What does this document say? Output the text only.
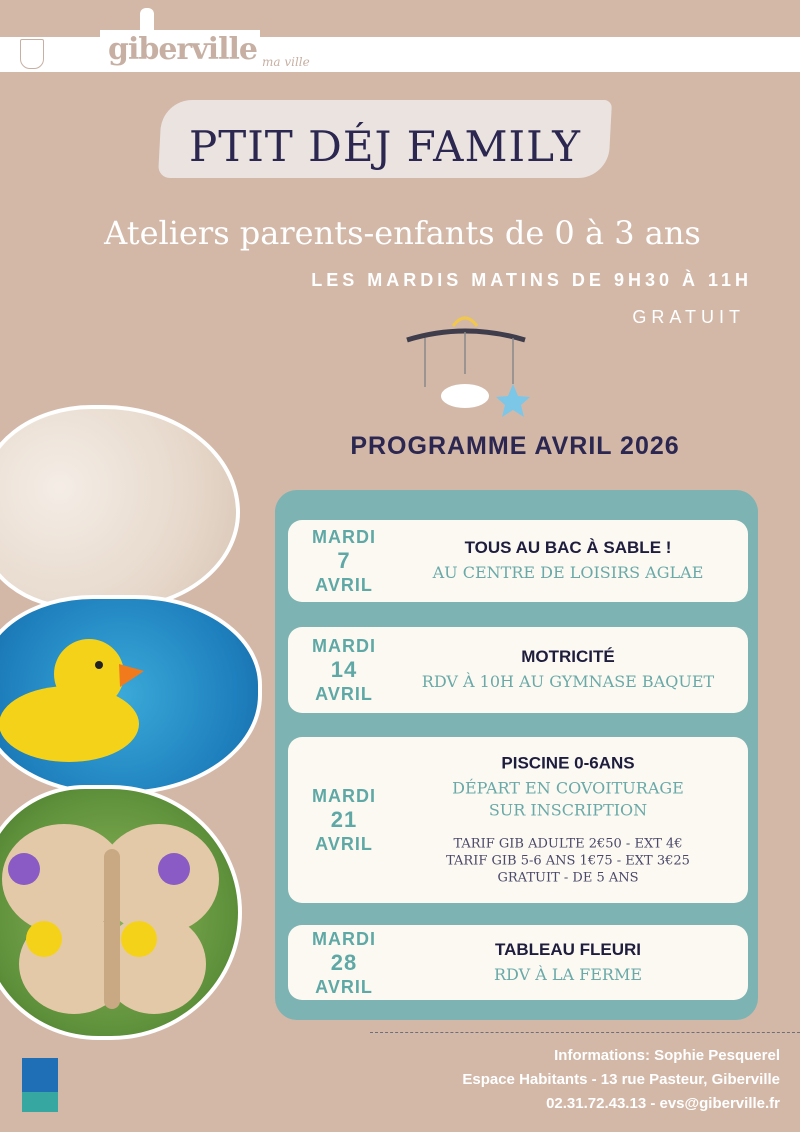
giberville ma ville
PTIT DÉJ FAMILY
Ateliers parents-enfants de 0 à 3 ans
LES MARDIS MATINS DE 9H30 À 11H
GRATUIT
PROGRAMME AVRIL 2026
MARDI
7
AVRIL
TOUS AU BAC À SABLE !
AU CENTRE DE LOISIRS AGLAE
MARDI
14
AVRIL
MOTRICITÉ
RDV À 10H AU GYMNASE BAQUET
MARDI
21
AVRIL
PISCINE 0-6ANS
DÉPART EN COVOITURAGE
SUR INSCRIPTION
TARIF GIB ADULTE 2€50 - EXT 4€
TARIF GIB 5-6 ANS 1€75 - EXT 3€25
GRATUIT - DE 5 ANS
MARDI
28
AVRIL
TABLEAU FLEURI
RDV À LA FERME
Informations: Sophie Pesquerel
Espace Habitants - 13 rue Pasteur, Giberville
02.31.72.43.13 - evs@giberville.fr
